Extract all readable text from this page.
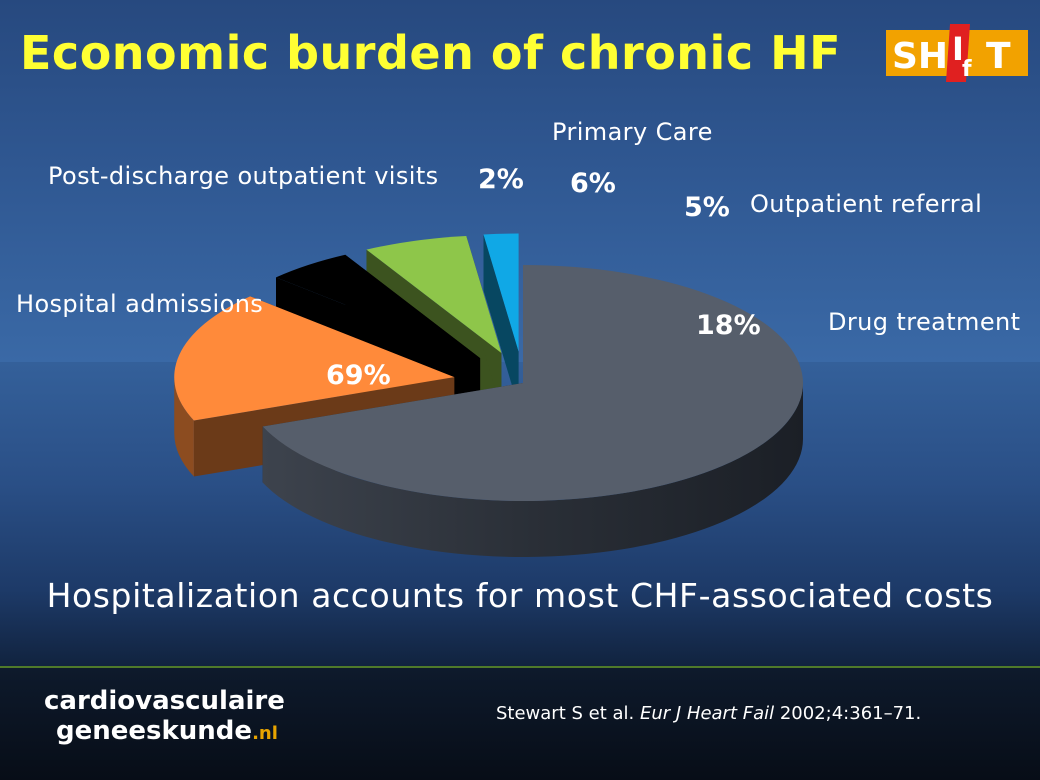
Economic burden of chronic HF SH I
f T
Primary Care
Post-discharge outpatient visits
Outpatient referral
Hospital admissions
Drug treatment
2% 6%
5%
18%
69%
Hospitalization accounts for most CHF-associated costs
cardiovasculaire
geneeskunde.nl
Stewart S et al. Eur J Heart Fail 2002;4:361–71.
